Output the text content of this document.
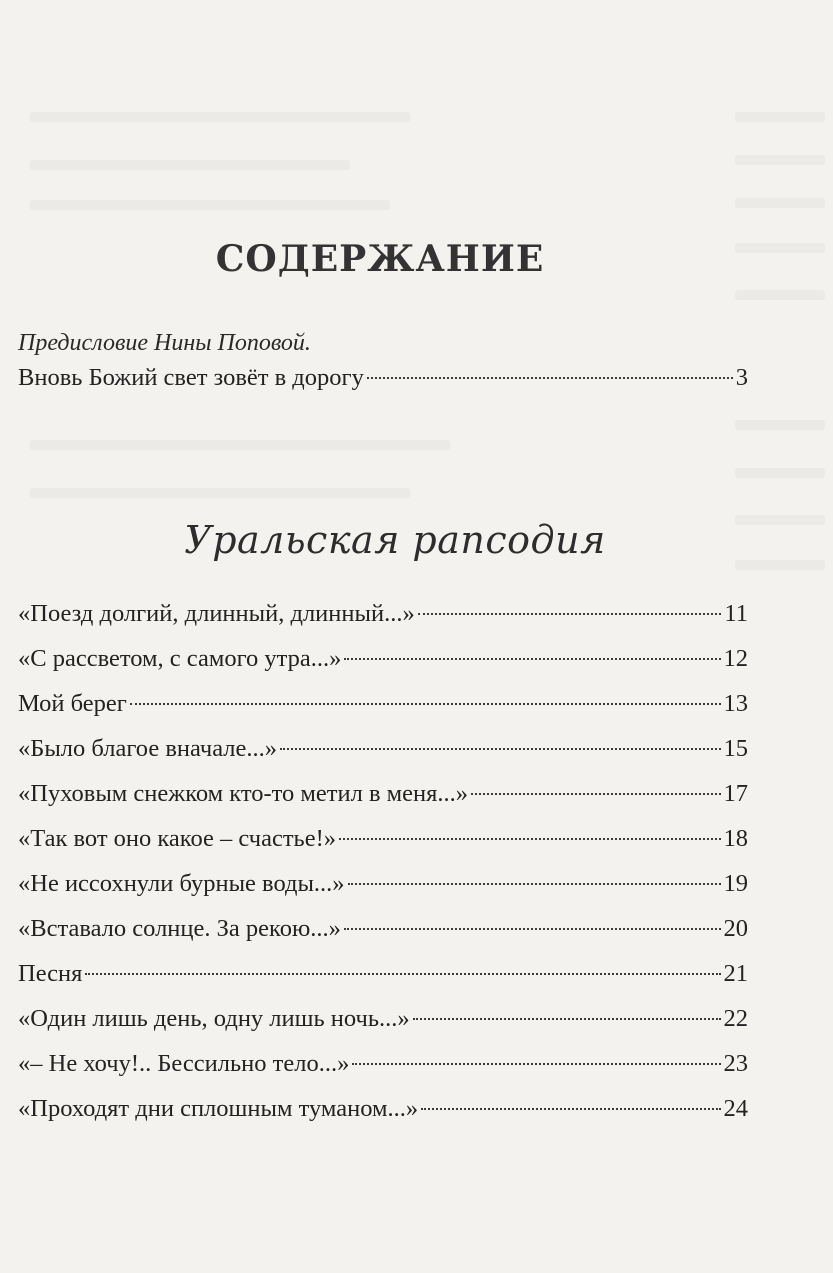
СОДЕРЖАНИЕ
Предисловие Нины Поповой.
Вновь Божий свет зовёт в дорогу	3
Уральская рапсодия
«Поезд долгий, длинный, длинный...»	11
«С рассветом, с самого утра...»	12
Мой берег	13
«Было благое вначале...»	15
«Пуховым снежком кто-то метил в меня...»	17
«Так вот оно какое – счастье!»	18
«Не иссохнули бурные воды...»	19
«Вставало солнце. За рекою...»	20
Песня	21
«Один лишь день, одну лишь ночь...»	22
«– Не хочу!.. Бессильно тело...»	23
«Проходят дни сплошным туманом...»	24
